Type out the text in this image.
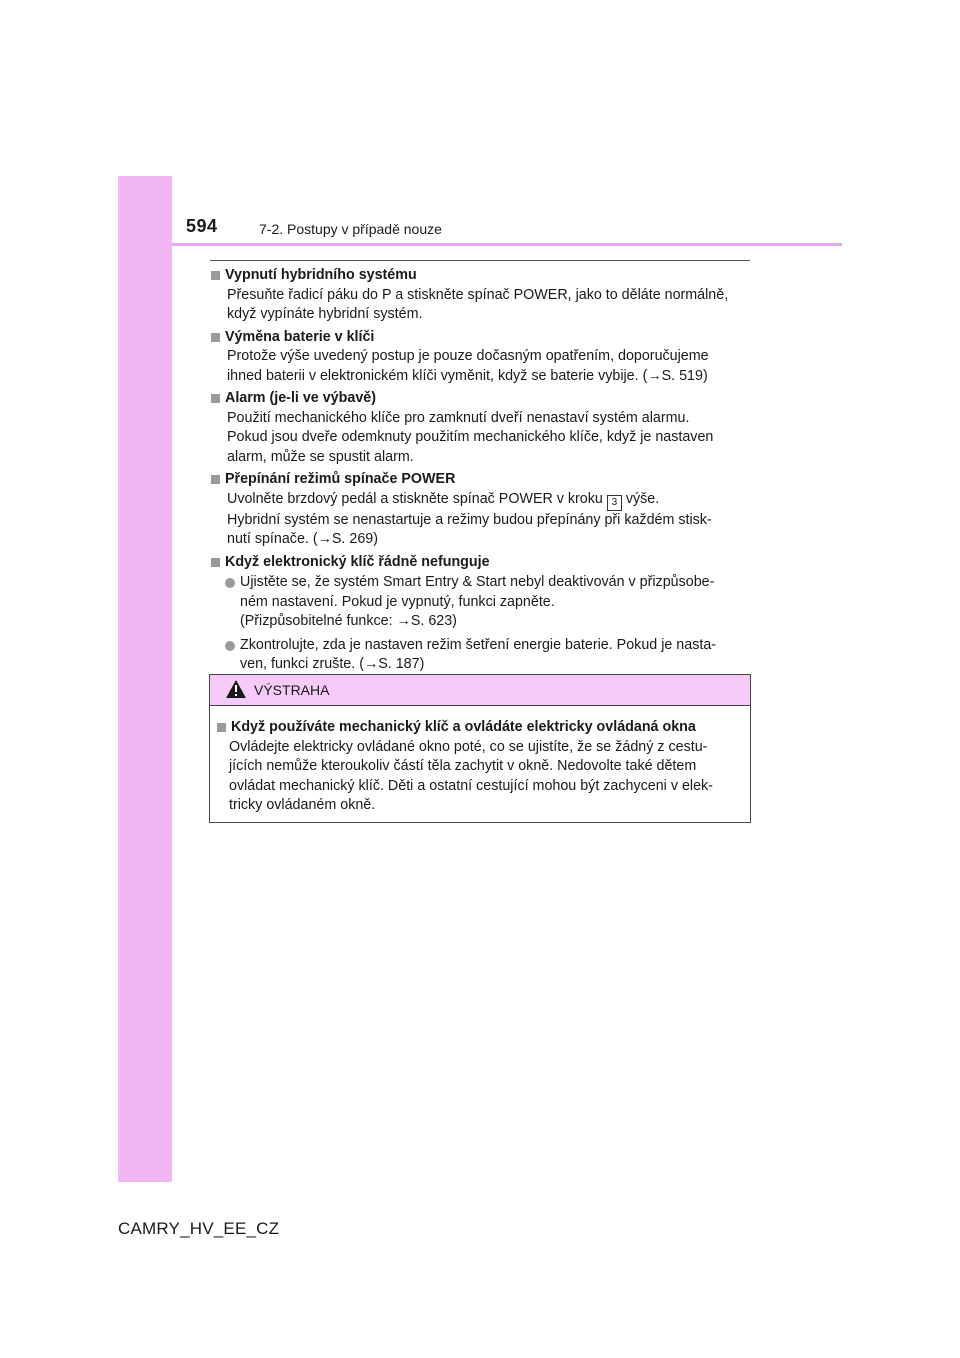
594	7-2. Postupy v případě nouze
Vypnutí hybridního systému

Přesuňte řadicí páku do P a stiskněte spínač POWER, jako to děláte normálně,

když vypínáte hybridní systém.

Výměna baterie v klíči

Protože výše uvedený postup je pouze dočasným opatřením, doporučujeme

ihned baterii v elektronickém klíči vyměnit, když se baterie vybije. (→S. 519)

Alarm (je-li ve výbavě)

Použití mechanického klíče pro zamknutí dveří nenastaví systém alarmu.

Pokud jsou dveře odemknuty použitím mechanického klíče, když je nastaven

alarm, může se spustit alarm.

Přepínání režimů spínače POWER

Uvolněte brzdový pedál a stiskněte spínač POWER v kroku 3 výše.

Hybridní systém se nenastartuje a režimy budou přepínány při každém stisk-

nutí spínače. (→S. 269)

Když elektronický klíč řádně nefunguje
Ujistěte se, že systém Smart Entry & Start nebyl deaktivován v přizpůsobe-
ném nastavení. Pokud je vypnutý, funkci zapněte.
(Přizpůsobitelné funkce: →S. 623)
Zkontrolujte, zda je nastaven režim šetření energie baterie. Pokud je nasta-
ven, funkci zrušte. (→S. 187)
VÝSTRAHA
Když používáte mechanický klíč a ovládáte elektricky ovládaná okna
Ovládejte elektricky ovládané okno poté, co se ujistíte, že se žádný z cestu-
jících nemůže kteroukoliv částí těla zachytit v okně. Nedovolte také dětem
ovládat mechanický klíč. Děti a ostatní cestující mohou být zachyceni v elek-
tricky ovládaném okně.
CAMRY_HV_EE_CZ
